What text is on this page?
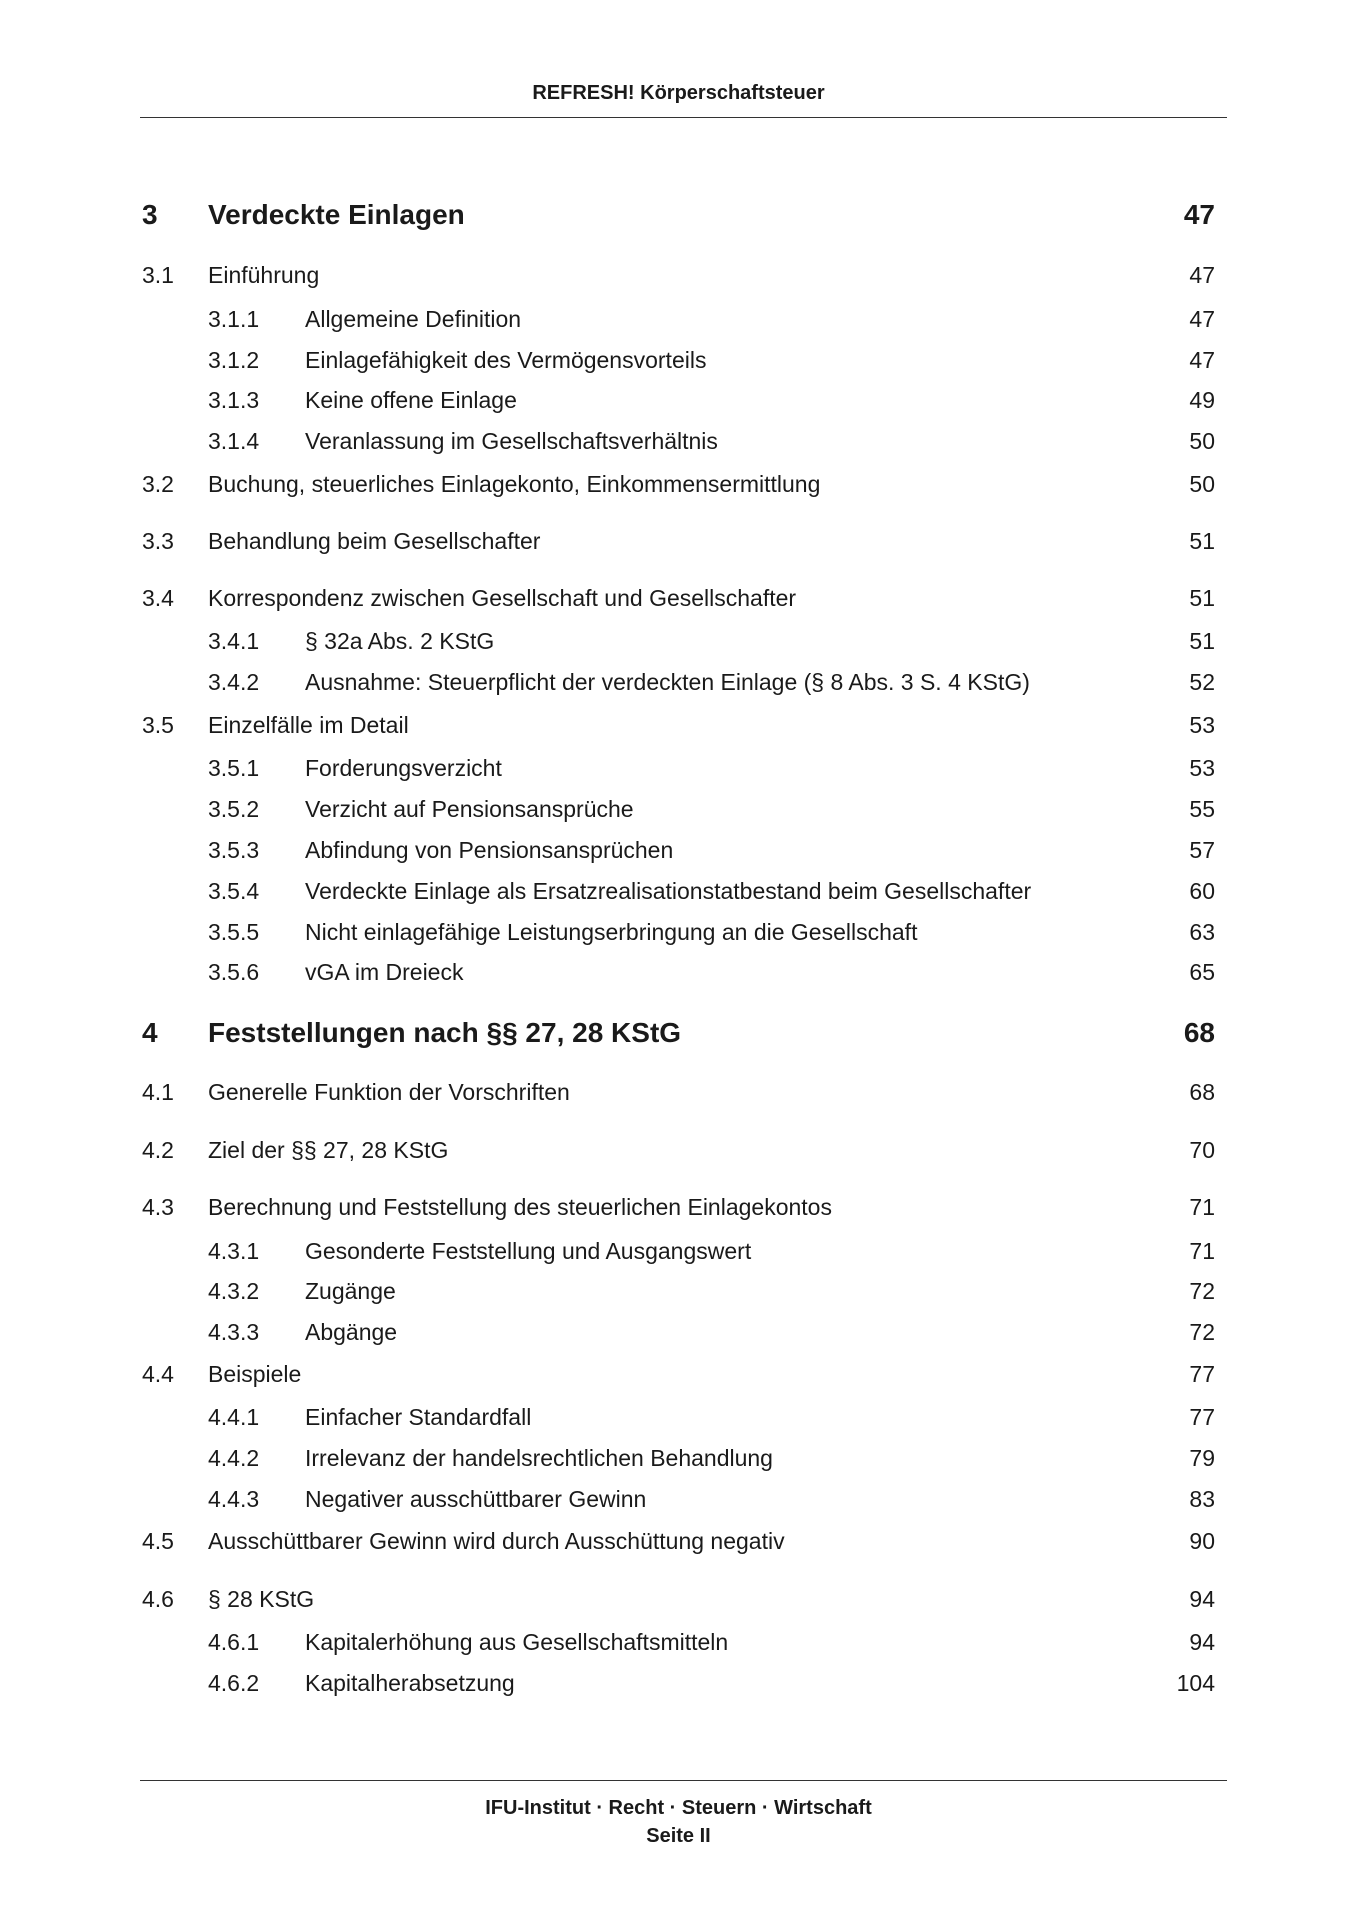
REFRESH! Körperschaftsteuer
3 Verdeckte Einlagen	47
3.1 Einführung	47
3.1.1 Allgemeine Definition	47
3.1.2 Einlagefähigkeit des Vermögensvorteils	47
3.1.3 Keine offene Einlage	49
3.1.4 Veranlassung im Gesellschaftsverhältnis	50
3.2 Buchung, steuerliches Einlagekonto, Einkommensermittlung	50
3.3 Behandlung beim Gesellschafter	51
3.4 Korrespondenz zwischen Gesellschaft und Gesellschafter	51
3.4.1 § 32a Abs. 2 KStG	51
3.4.2 Ausnahme: Steuerpflicht der verdeckten Einlage (§ 8 Abs. 3 S. 4 KStG)	52
3.5 Einzelfälle im Detail	53
3.5.1 Forderungsverzicht	53
3.5.2 Verzicht auf Pensionsansprüche	55
3.5.3 Abfindung von Pensionsansprüchen	57
3.5.4 Verdeckte Einlage als Ersatzrealisationstatbestand beim Gesellschafter	60
3.5.5 Nicht einlagefähige Leistungserbringung an die Gesellschaft	63
3.5.6 vGA im Dreieck	65
4 Feststellungen nach §§ 27, 28 KStG	68
4.1 Generelle Funktion der Vorschriften	68
4.2 Ziel der §§ 27, 28 KStG	70
4.3 Berechnung und Feststellung des steuerlichen Einlagekontos	71
4.3.1 Gesonderte Feststellung und Ausgangswert	71
4.3.2 Zugänge	72
4.3.3 Abgänge	72
4.4 Beispiele	77
4.4.1 Einfacher Standardfall	77
4.4.2 Irrelevanz der handelsrechtlichen Behandlung	79
4.4.3 Negativer ausschüttbarer Gewinn	83
4.5 Ausschüttbarer Gewinn wird durch Ausschüttung negativ	90
4.6 § 28 KStG	94
4.6.1 Kapitalerhöhung aus Gesellschaftsmitteln	94
4.6.2 Kapitalherabsetzung	104
IFU-Institut · Recht · Steuern · Wirtschaft
Seite II
